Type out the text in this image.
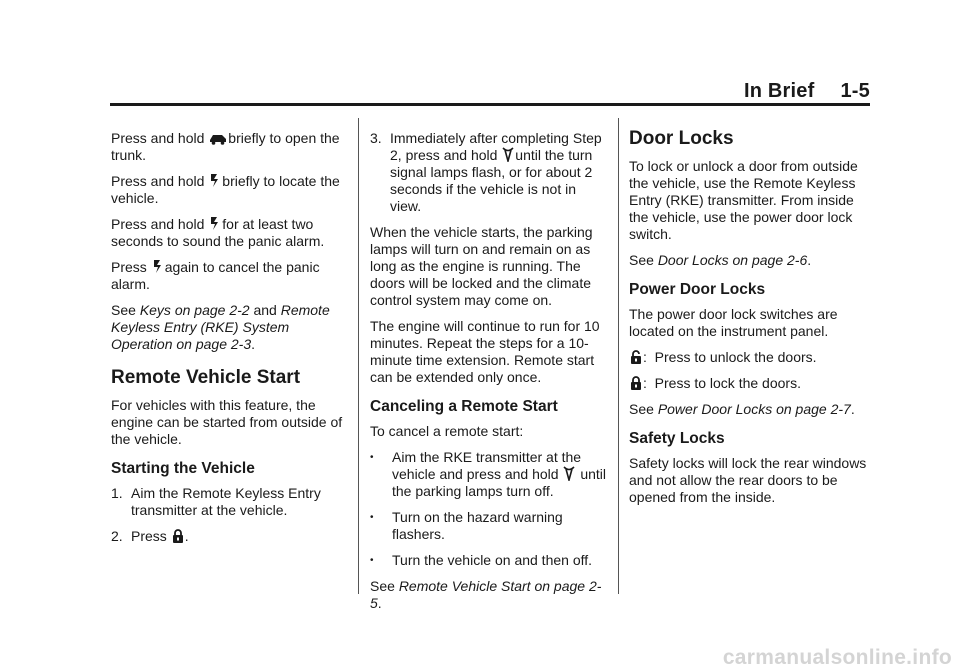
In Brief 1-5

Press and hold briefly to open the trunk.

Press and hold briefly to locate the vehicle.

Press and hold for at least two seconds to sound the panic alarm.

Press again to cancel the panic alarm.

See Keys on page 2-2 and Remote Keyless Entry (RKE) System Operation on page 2-3.

Remote Vehicle Start

For vehicles with this feature, the engine can be started from outside of the vehicle.

Starting the Vehicle
1. Aim the Remote Keyless Entry transmitter at the vehicle.
2. Press .
3. Immediately after completing Step 2, press and hold until the turn signal lamps flash, or for about 2 seconds if the vehicle is not in view.

When the vehicle starts, the parking lamps will turn on and remain on as long as the engine is running. The doors will be locked and the climate control system may come on.

The engine will continue to run for 10 minutes. Repeat the steps for a 10-minute time extension. Remote start can be extended only once.

Canceling a Remote Start

To cancel a remote start:

•	Aim the RKE transmitter at the vehicle and press and hold until the parking lamps turn off.
•	Turn on the hazard warning flashers.
•	Turn the vehicle on and then off.

See Remote Vehicle Start on page 2-5.

Door Locks

To lock or unlock a door from outside the vehicle, use the Remote Keyless Entry (RKE) transmitter. From inside the vehicle, use the power door lock switch.

See Door Locks on page 2-6.

Power Door Locks

The power door lock switches are located on the instrument panel.

: Press to unlock the doors.

: Press to lock the doors.

See Power Door Locks on page 2-7.

Safety Locks

Safety locks will lock the rear windows and not allow the rear doors to be opened from the inside.

carmanualsonline.info
